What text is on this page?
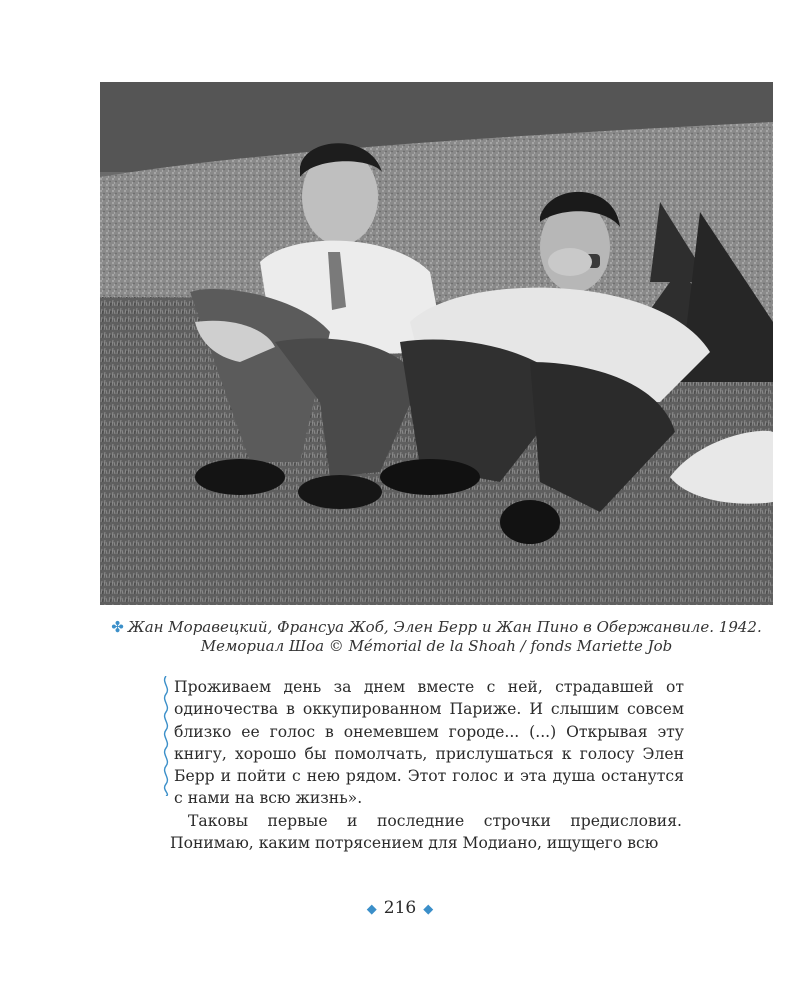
✤ Жан Моравецкий, Франсуа Жоб, Элен Берр и Жан Пино в Обержанвиле. 1942.
Мемориал Шоа © Mémorial de la Shoah / fonds Mariette Job
Проживаем день за днем вместе с ней, страдавшей от одиночества в оккупированном Париже. И слышим совсем близко ее голос в онемевшем городе... (...) Открывая эту книгу, хорошо бы помолчать, прислушаться к голосу Элен Берр и пойти с нею рядом. Этот голос и эта душа останутся с нами на всю жизнь».
Таковы первые и последние строчки предисловия. Понимаю, каким потрясением для Модиано, ищущего всю
◆ 216 ◆
